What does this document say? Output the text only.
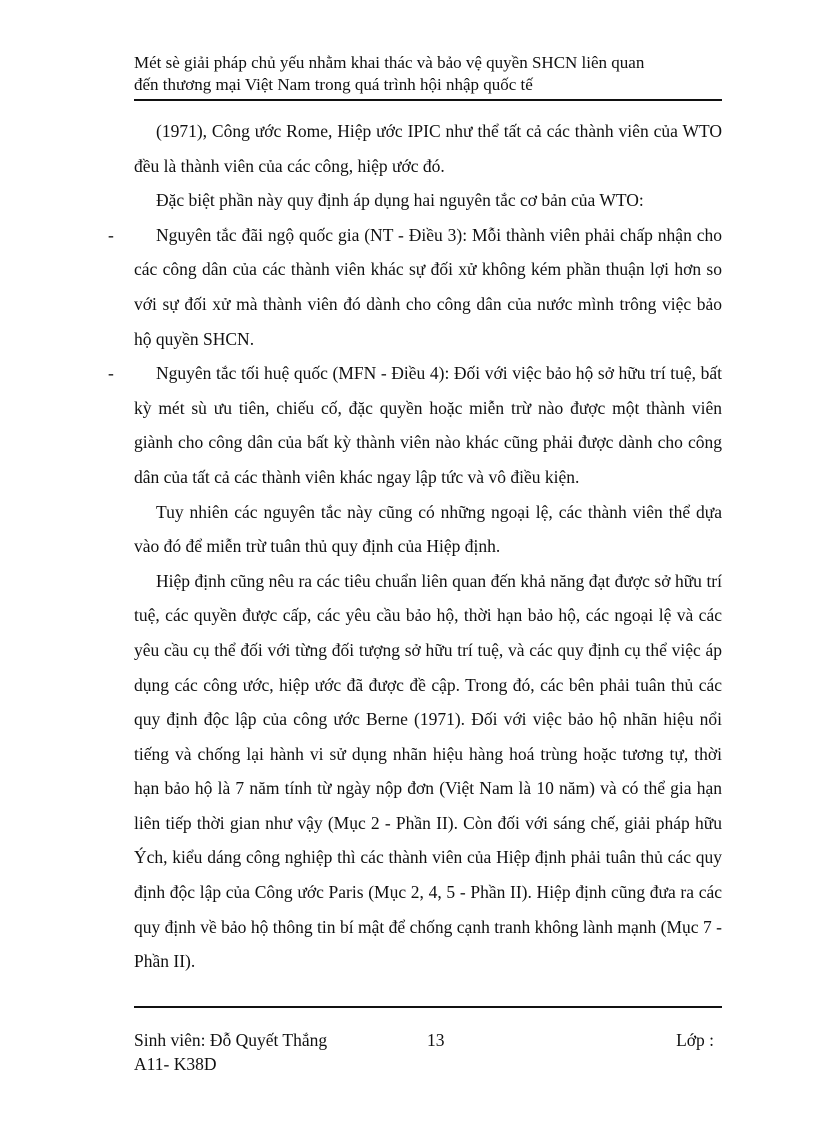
Mét sè giải pháp chủ yếu nhằm khai thác và bảo vệ quyền SHCN liên quan
đến thương mại Việt Nam trong quá trình hội nhập quốc tế

(1971), Công ước Rome, Hiệp ước IPIC như thể tất cả các thành viên của WTO đều là thành viên của các công, hiệp ước đó.

Đặc biệt phần này quy định áp dụng hai nguyên tắc cơ bản của WTO:

- Nguyên tắc đãi ngộ quốc gia (NT - Điều 3): Mỗi thành viên phải chấp nhận cho các công dân của các thành viên khác sự đối xử không kém phần thuận lợi hơn so với sự đối xử mà thành viên đó dành cho công dân của nước mình trông việc bảo hộ quyền SHCN.

- Nguyên tắc tối huệ quốc (MFN - Điều 4): Đối với việc bảo hộ sở hữu trí tuệ, bất kỳ mét sù ưu tiên, chiếu cố, đặc quyền hoặc miễn trừ nào được một thành viên giành cho công dân của bất kỳ thành viên nào khác cũng phải được dành cho công dân của tất cả các thành viên khác ngay lập tức và vô điều kiện.

Tuy nhiên các nguyên tắc này cũng có những ngoại lệ, các thành viên thể dựa vào đó để miễn trừ tuân thủ quy định của Hiệp định.

Hiệp định cũng nêu ra các tiêu chuẩn liên quan đến khả năng đạt được sở hữu trí tuệ, các quyền được cấp, các yêu cầu bảo hộ, thời hạn bảo hộ, các ngoại lệ và các yêu cầu cụ thể đối với từng đối tượng sở hữu trí tuệ, và các quy định cụ thể việc áp dụng các công ước, hiệp ước đã được đề cập. Trong đó, các bên phải tuân thủ các quy định độc lập của công ước Berne (1971). Đối với việc bảo hộ nhãn hiệu nổi tiếng và chống lại hành vi sử dụng nhãn hiệu hàng hoá trùng hoặc tương tự, thời hạn bảo hộ là 7 năm tính từ ngày nộp đơn (Việt Nam là 10 năm) và có thể gia hạn liên tiếp thời gian như vậy (Mục 2 - Phần II). Còn đối với sáng chế, giải pháp hữu Ých, kiểu dáng công nghiệp thì các thành viên của Hiệp định phải tuân thủ các quy định độc lập của Công ước Paris (Mục 2, 4, 5 - Phần II). Hiệp định cũng đưa ra các quy định về bảo hộ thông tin bí mật để chống cạnh tranh không lành mạnh (Mục 7 - Phần II).

Sinh viên: Đỗ Quyết Thắng
A11- K38D
13	Lớp :
